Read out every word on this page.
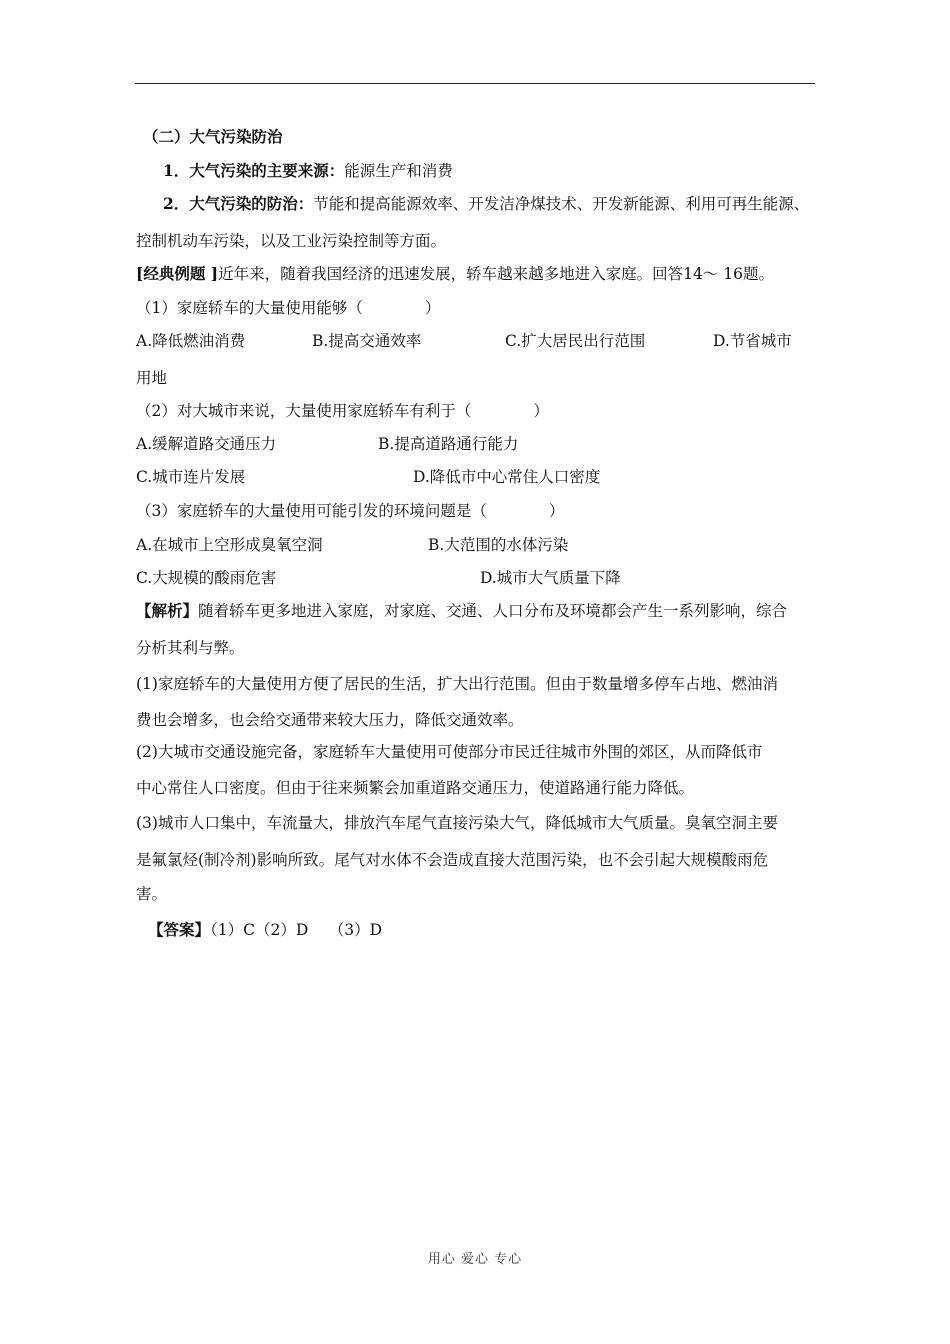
（二）大气污染防治
1．大气污染的主要来源：能源生产和消费
2．大气污染的防治：节能和提高能源效率、开发洁净煤技术、开发新能源、利用可再生能源、
控制机动车污染，以及工业污染控制等方面。
[经典例题 ]近年来，随着我国经济的迅速发展，轿车越来越多地进入家庭。回答14～ 16题。
（1）家庭轿车的大量使用能够（　　　　）
A.降低燃油消费	B.提高交通效率	C.扩大居民出行范围	D.节省城市
用地
（2）对大城市来说，大量使用家庭轿车有利于（　　　　）
A.缓解道路交通压力	B.提高道路通行能力
C.城市连片发展	D.降低市中心常住人口密度
（3）家庭轿车的大量使用可能引发的环境问题是（　　　　）
A.在城市上空形成臭氧空洞	B.大范围的水体污染
C.大规模的酸雨危害	D.城市大气质量下降
【解析】随着轿车更多地进入家庭，对家庭、交通、人口分布及环境都会产生一系列影响，综合
分析其利与弊。
(1)家庭轿车的大量使用方便了居民的生活，扩大出行范围。但由于数量增多停车占地、燃油消
费也会增多，也会给交通带来较大压力，降低交通效率。
(2)大城市交通设施完备，家庭轿车大量使用可使部分市民迁往城市外围的郊区，从而降低市
中心常住人口密度。但由于往来频繁会加重道路交通压力，使道路通行能力降低。
(3)城市人口集中，车流量大，排放汽车尾气直接污染大气，降低城市大气质量。臭氧空洞主要
是氟氯烃(制冷剂)影响所致。尾气对水体不会造成直接大范围污染，也不会引起大规模酸雨危
害。
【答案】（1）C（2）D　 （3）D
用心 爱心 专心
